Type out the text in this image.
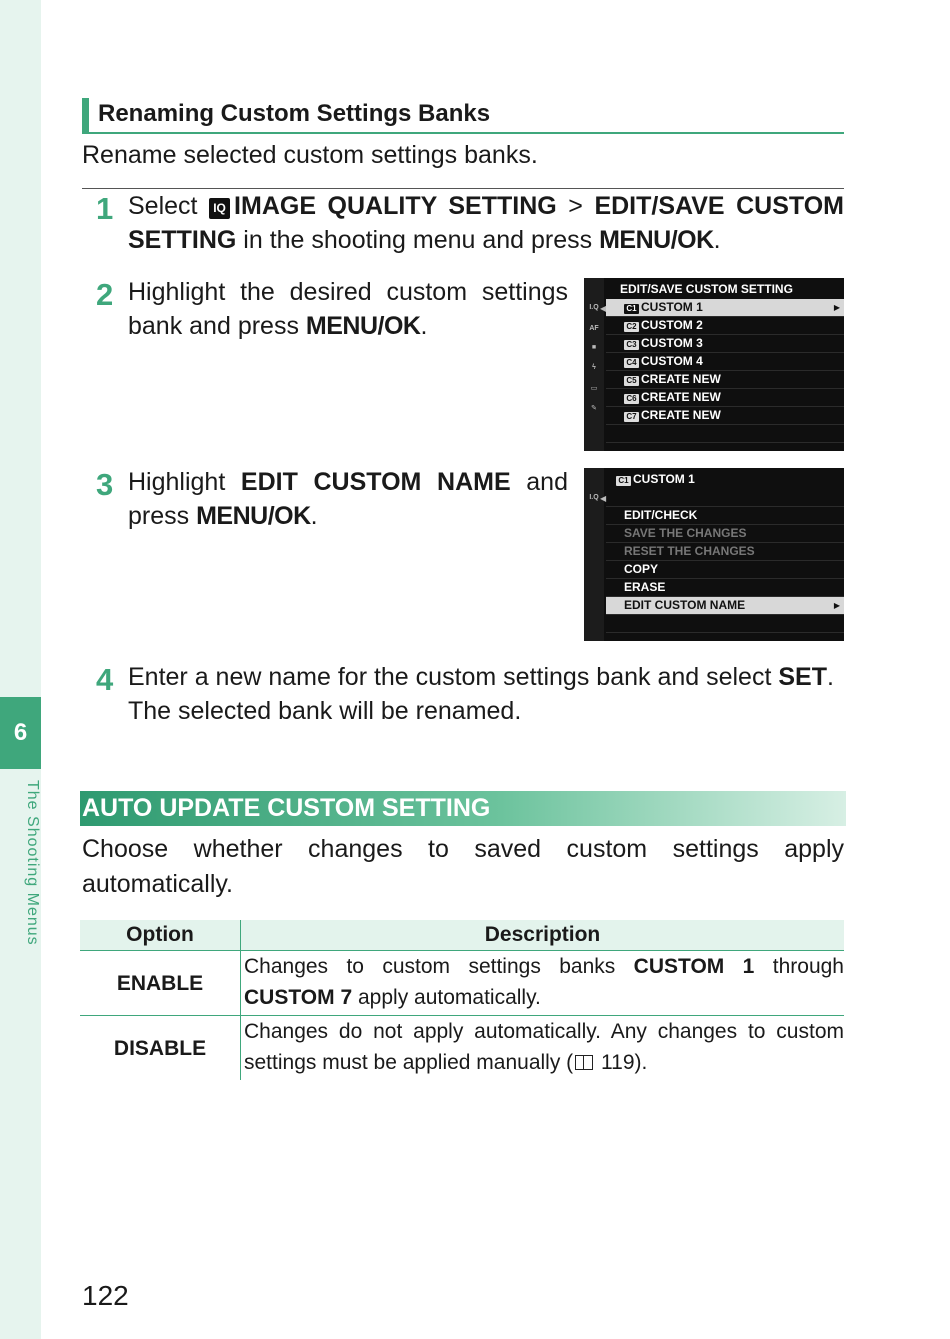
6
The Shooting Menus
Renaming Custom Settings Banks
Rename selected custom settings banks.
1 Select IQ IMAGE QUALITY SETTING > EDIT/SAVE CUSTOM SETTING in the shooting menu and press MENU/OK.
2 Highlight the desired custom settings bank and press MENU/OK.
I.Q
AF
■
ϟ
▭
✎
◀
EDIT/SAVE CUSTOM SETTING
C1 CUSTOM 1	▶
C2 CUSTOM 2
C3 CUSTOM 3
C4 CUSTOM 4
C5 CREATE NEW
C6 CREATE NEW
C7 CREATE NEW
3 Highlight EDIT CUSTOM NAME and press MENU/OK.
I.Q ◀
C1 CUSTOM 1
EDIT/CHECK
SAVE THE CHANGES
RESET THE CHANGES
COPY
ERASE
EDIT CUSTOM NAME	▶
4 Enter a new name for the custom settings bank and select SET.
The selected bank will be renamed.
AUTO UPDATE CUSTOM SETTING
Choose whether changes to saved custom settings apply automatically.
Option	Description
ENABLE	Changes to custom settings banks CUSTOM 1 through CUSTOM 7 apply automatically.
DISABLE	Changes do not apply automatically. Any changes to custom settings must be applied manually ( 119).
122
